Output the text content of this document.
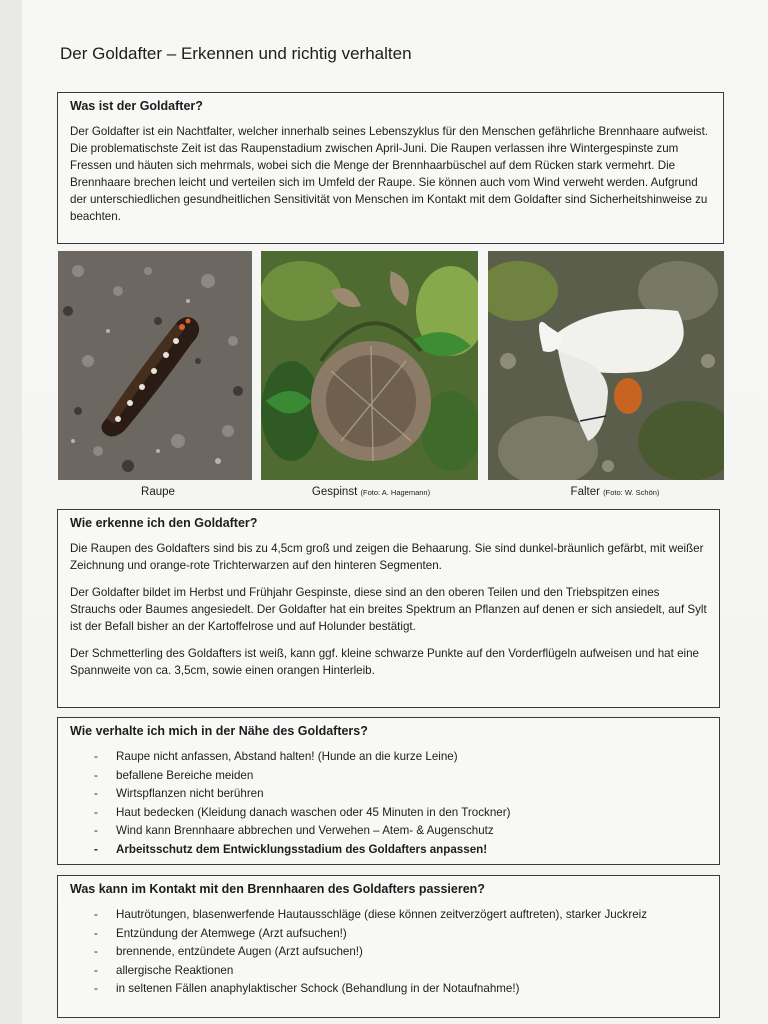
Der Goldafter – Erkennen und richtig verhalten
Was ist der Goldafter?

Der Goldafter ist ein Nachtfalter, welcher innerhalb seines Lebenszyklus für den Menschen gefährliche Brennhaare aufweist. Die problematischste Zeit ist das Raupenstadium zwischen April-Juni. Die Raupen verlassen ihre Wintergespinste zum Fressen und häuten sich mehrmals, wobei sich die Menge der Brennhaarbüschel auf dem Rücken stark vermehrt. Die Brennhaare brechen leicht und verteilen sich im Umfeld der Raupe. Sie können auch vom Wind verweht werden. Aufgrund der unterschiedlichen gesundheitlichen Sensitivität von Menschen im Kontakt mit dem Goldafter sind Sicherheitshinweise zu beachten.

Raupe	Gespinst (Foto: A. Hagemann)	Falter (Foto: W. Schön)
Wie erkenne ich den Goldafter?

Die Raupen des Goldafters sind bis zu 4,5cm groß und zeigen die Behaarung. Sie sind dunkel-bräunlich gefärbt, mit weißer Zeichnung und orange-rote Trichterwarzen auf den hinteren Segmenten.

Der Goldafter bildet im Herbst und Frühjahr Gespinste, diese sind an den oberen Teilen und den Triebspitzen eines Strauchs oder Baumes angesiedelt. Der Goldafter hat ein breites Spektrum an Pflanzen auf denen er sich ansiedelt, auf Sylt ist der Befall bisher an der Kartoffelrose und auf Holunder bestätigt.

Der Schmetterling des Goldafters ist weiß, kann ggf. kleine schwarze Punkte auf den Vorderflügeln aufweisen und hat eine Spannweite von ca. 3,5cm, sowie einen orangen Hinterleib.

Wie verhalte ich mich in der Nähe des Goldafters?
- Raupe nicht anfassen, Abstand halten! (Hunde an die kurze Leine)
- befallene Bereiche meiden
- Wirtspflanzen nicht berühren
- Haut bedecken (Kleidung danach waschen oder 45 Minuten in den Trockner)
- Wind kann Brennhaare abbrechen und Verwehen – Atem- & Augenschutz
- Arbeitsschutz dem Entwicklungsstadium des Goldafters anpassen!
Was kann im Kontakt mit den Brennhaaren des Goldafters passieren?
- Hautrötungen, blasenwerfende Hautausschläge (diese können zeitverzögert auftreten), starker Juckreiz
- Entzündung der Atemwege (Arzt aufsuchen!)
- brennende, entzündete Augen (Arzt aufsuchen!)
- allergische Reaktionen
- in seltenen Fällen anaphylaktischer Schock (Behandlung in der Notaufnahme!)
